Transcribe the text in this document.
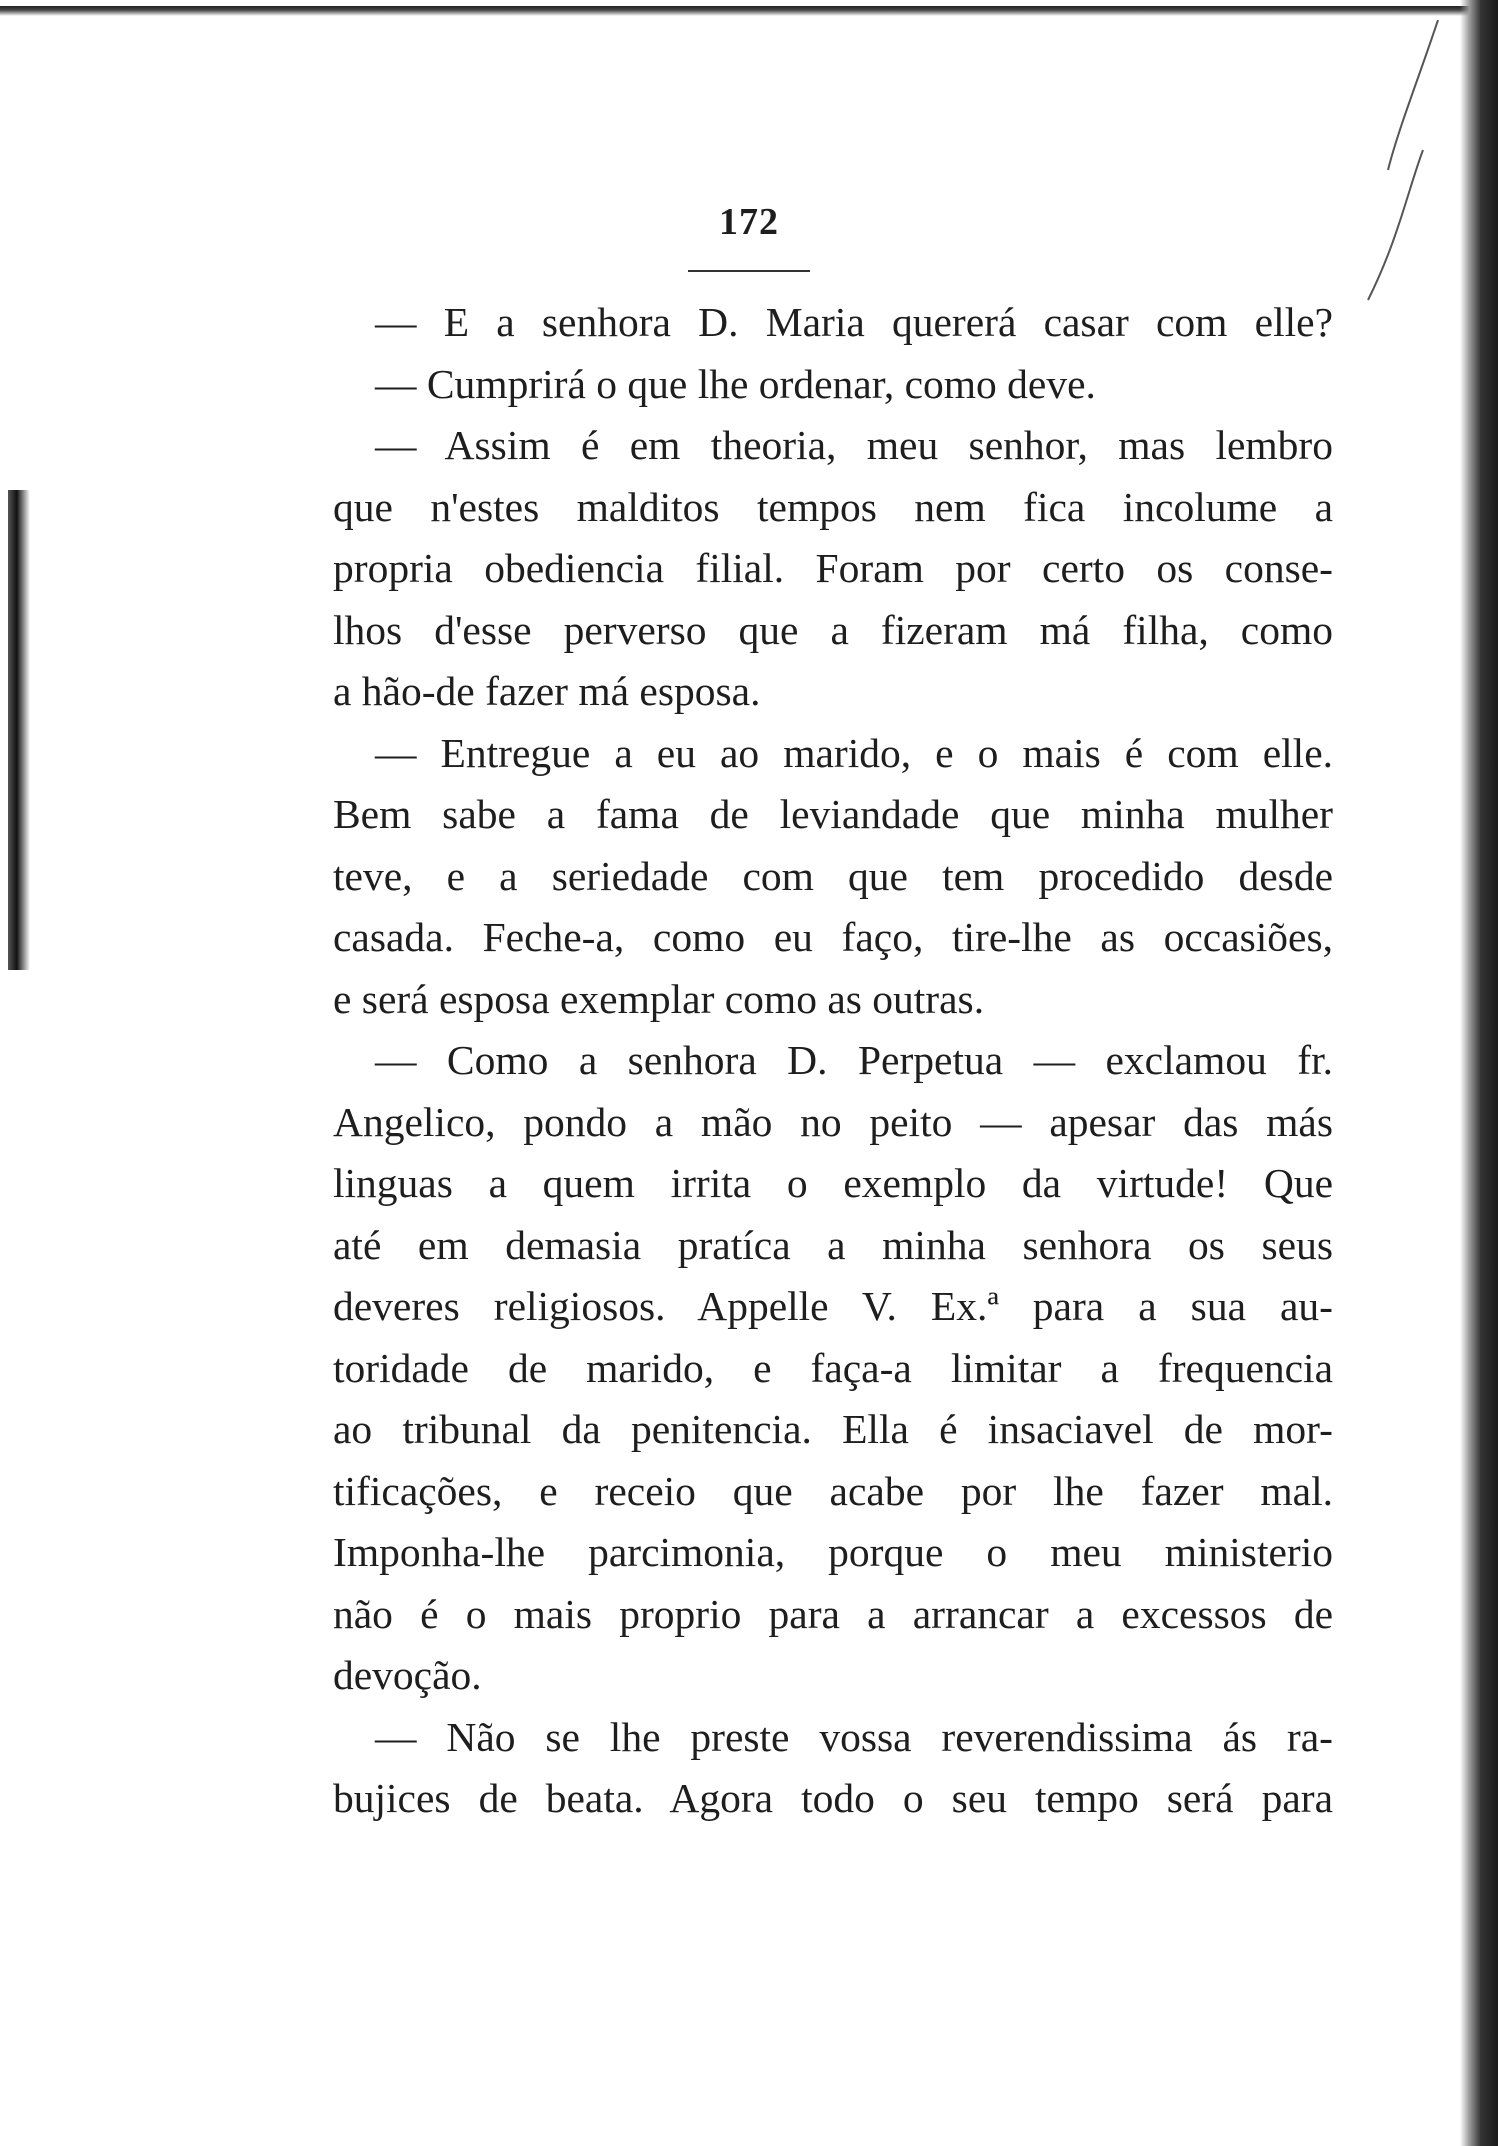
172
— E a senhora D. Maria quererá casar com elle?
— Cumprirá o que lhe ordenar, como deve.
— Assim é em theoria, meu senhor, mas lembro
que n'estes malditos tempos nem fica incolume a
propria obediencia filial. Foram por certo os conse-
lhos d'esse perverso que a fizeram má filha, como
a hão-de fazer má esposa.
— Entregue a eu ao marido, e o mais é com elle.
Bem sabe a fama de leviandade que minha mulher
teve, e a seriedade com que tem procedido desde
casada. Feche-a, como eu faço, tire-lhe as occasiões,
e será esposa exemplar como as outras.
— Como a senhora D. Perpetua — exclamou fr.
Angelico, pondo a mão no peito — apesar das más
linguas a quem irrita o exemplo da virtude! Que
até em demasia pratíca a minha senhora os seus
deveres religiosos. Appelle V. Ex.ª para a sua au-
toridade de marido, e faça-a limitar a frequencia
ao tribunal da penitencia. Ella é insaciavel de mor-
tificações, e receio que acabe por lhe fazer mal.
Imponha-lhe parcimonia, porque o meu ministerio
não é o mais proprio para a arrancar a excessos de
devoção.
— Não se lhe preste vossa reverendissima ás ra-
bujices de beata. Agora todo o seu tempo será para
